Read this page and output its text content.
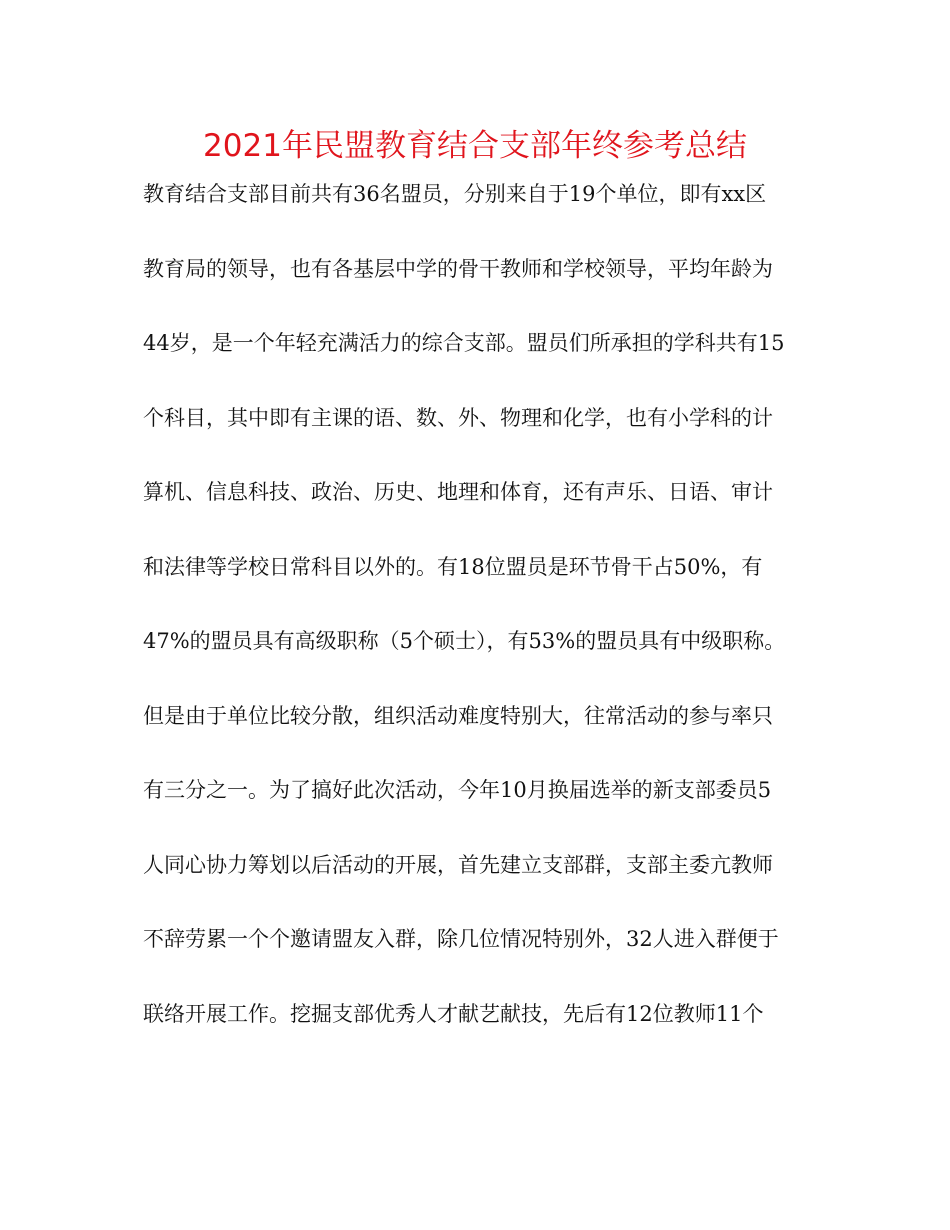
2021年民盟教育结合支部年终参考总结
教育结合支部目前共有36名盟员，分别来自于19个单位，即有xx区
教育局的领导，也有各基层中学的骨干教师和学校领导，平均年龄为
44岁，是一个年轻充满活力的综合支部。盟员们所承担的学科共有15
个科目，其中即有主课的语、数、外、物理和化学，也有小学科的计
算机、信息科技、政治、历史、地理和体育，还有声乐、日语、审计
和法律等学校日常科目以外的。有18位盟员是环节骨干占50%，有
47%的盟员具有高级职称（5个硕士），有53%的盟员具有中级职称。
但是由于单位比较分散，组织活动难度特别大，往常活动的参与率只
有三分之一。为了搞好此次活动，今年10月换届选举的新支部委员5
人同心协力筹划以后活动的开展，首先建立支部群，支部主委亢教师
不辞劳累一个个邀请盟友入群，除几位情况特别外，32人进入群便于
联络开展工作。挖掘支部优秀人才献艺献技，先后有12位教师11个
